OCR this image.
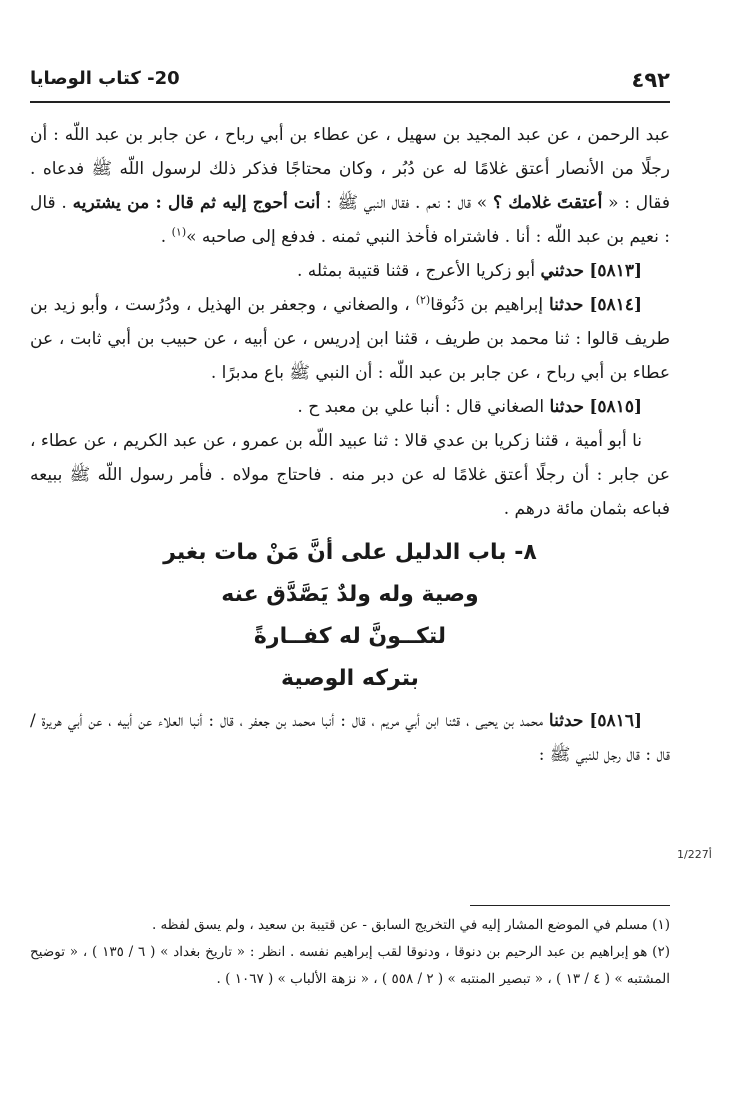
٤٩٢
20- كتاب الوصايا

عبد الرحمن ، عن عبد المجيد بن سهيل ، عن عطاء بن أبي رباح ، عن جابر بن عبد اللّه : أن رجلًا من الأنصار أعتق غلامًا له عن دُبُر ، وكان محتاجًا فذكر ذلك لرسول اللّه ﷺ فدعاه . فقال : « أعتقتَ غلامك ؟ » قال : نعم . فقال النبي ﷺ : أنت أحوج إليه ثم قال : من يشتريه . قال : نعيم بن عبد اللّه : أنا . فاشتراه فأخذ النبي ثمنه . فدفع إلى صاحبه »$^{(١)}$ .

[٥٨١٣] حدثني أبو زكريا الأعرج ، قثنا قتيبة بمثله .

[٥٨١٤] حدثنا إبراهيم بن دَنُوقا$^{(٢)}$ ، والصغاني ، وجعفر بن الهذيل ، ودُرُست ، وأبو زيد بن طريف قالوا : ثنا محمد بن طريف ، قثنا ابن إدريس ، عن أبيه ، عن حبيب بن أبي ثابت ، عن عطاء بن أبي رباح ، عن جابر بن عبد اللّه : أن النبي ﷺ باع مدبرًا .

[٥٨١٥] حدثنا الصغاني قال : أنبا علي بن معبد ح .

نا أبو أمية ، قثنا زكريا بن عدي قالا : ثنا عبيد اللّه بن عمرو ، عن عبد الكريم ، عن عطاء ، عن جابر : أن رجلًا أعتق غلامًا له عن دبر منه . فاحتاج مولاه . فأمر رسول اللّه ﷺ ببيعه فباعه بثمان مائة درهم .

٨- باب الدليل على أنَّ مَنْ مات بغير
وصية وله ولدٌ يَصَّدَّق عنه
لتكــونَّ له كفــارةً
بتركه الوصية

[٥٨١٦] حدثنا محمد بن يحيى ، قثنا ابن أبي مريم ، قال : أنبا محمد بن جعفر ، قال : أنبا العلاء عن أبيه ، عن أبي هريرة / قال : قال رجل للنبي ﷺ :

1/227أ

(١) مسلم في الموضع المشار إليه في التخريج السابق - عن قتيبة بن سعيد ، ولم يسق لفظه .

(٢) هو إبراهيم بن عبد الرحيم بن دنوقا ، ودنوقا لقب إبراهيم نفسه . انظر : « تاريخ بغداد » ( ٦ / ١٣٥ ) ، « توضيح المشتبه » ( ٤ / ١٣ ) ، « تبصير المنتبه » ( ٢ / ٥٥٨ ) ، « نزهة الألباب » ( ١٠٦٧ ) .
